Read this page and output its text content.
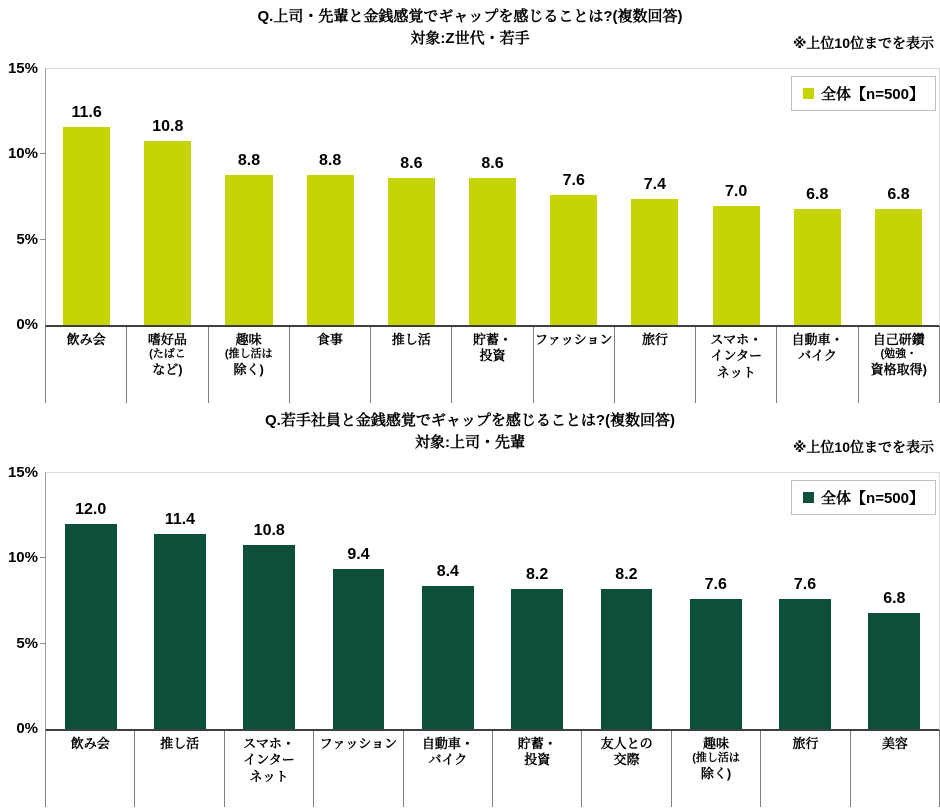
Q.上司・先輩と金銭感覚でギャップを感じることは?(複数回答)
対象:Z世代・若手	※上位10位までを表示
0%
5%
10%
15%
全体【n=500】
11.6
10.8
8.8	8.8	8.6	8.6
7.6	7.4	7.0	6.8	6.8
飲み会	嗜好品
(たばこ
など)
趣味
(推し活は
除く)
食事	推し活	貯蓄・
投資
ファッション	旅行	スマホ・
インター
ネット
自動車・
バイク
自己研鑽
(勉強・
資格取得)
Q.若手社員と金銭感覚でギャップを感じることは?(複数回答)
対象:上司・先輩	※上位10位までを表示
0%
5%
10%
15%
全体【n=500】
12.0
11.4
10.8
9.4
8.4	8.2	8.2
7.6	7.6
6.8
飲み会	推し活	スマホ・
インター
ネット
ファッション	自動車・
バイク
貯蓄・
投資
友人との
交際
趣味
(推し活は
除く)
旅行	美容
